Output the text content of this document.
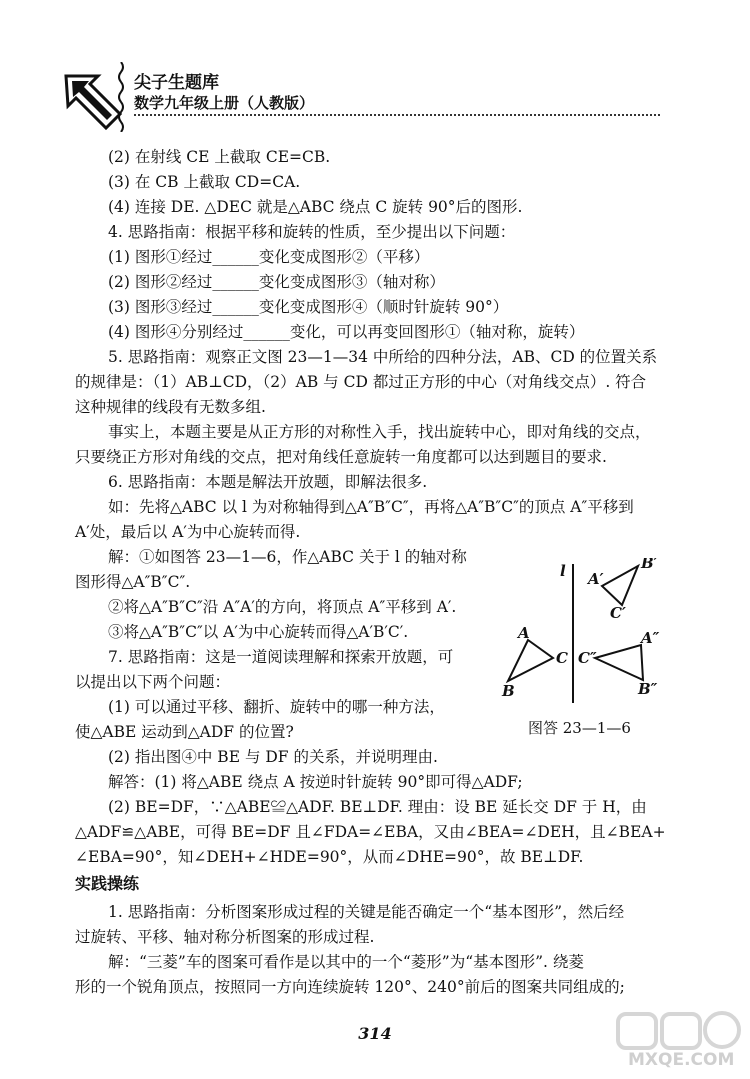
尖子生题库
数学九年级上册（人教版）
(2) 在射线 CE 上截取 CE=CB.
(3) 在 CB 上截取 CD=CA.
(4) 连接 DE. △DEC 就是△ABC 绕点 C 旋转 90°后的图形.
4. 思路指南：根据平移和旋转的性质，至少提出以下问题：
(1) 图形①经过______变化变成图形②（平移）
(2) 图形②经过______变化变成图形③（轴对称）
(3) 图形③经过______变化变成图形④（顺时针旋转 90°）
(4) 图形④分别经过______变化，可以再变回图形①（轴对称，旋转）
5. 思路指南：观察正文图 23—1—34 中所给的四种分法，AB、CD 的位置关系
的规律是：（1）AB⊥CD，（2）AB 与 CD 都过正方形的中心（对角线交点）. 符合
这种规律的线段有无数多组.
事实上，本题主要是从正方形的对称性入手，找出旋转中心，即对角线的交点，
只要绕正方形对角线的交点，把对角线任意旋转一角度都可以达到题目的要求.
6. 思路指南：本题是解法开放题，即解法很多.
如：先将△ABC 以 l 为对称轴得到△A″B″C″，再将△A″B″C″的顶点 A″平移到
A′处，最后以 A′为中心旋转而得.
解：①如图答 23—1—6，作△ABC 关于 l 的轴对称
图形得△A″B″C″.
②将△A″B″C″沿 A″A′的方向，将顶点 A″平移到 A′.
③将△A″B″C″以 A′为中心旋转而得△A′B′C′.
7. 思路指南：这是一道阅读理解和探索开放题，可
以提出以下两个问题：
(1) 可以通过平移、翻折、旋转中的哪一种方法，
使△ABE 运动到△ADF 的位置?
(2) 指出图④中 BE 与 DF 的关系，并说明理由.
解答：(1) 将△ABE 绕点 A 按逆时针旋转 90°即可得△ADF;
(2) BE=DF，∵△ABE≌△ADF. BE⊥DF. 理由：设 BE 延长交 DF 于 H，由
△ADF≌△ABE，可得 BE=DF 且∠FDA=∠EBA，又由∠BEA=∠DEH，且∠BEA+
∠EBA=90°，知∠DEH+∠HDE=90°，从而∠DHE=90°，故 BE⊥DF.
实践操练
1. 思路指南：分析图案形成过程的关键是能否确定一个“基本图形”，然后经
过旋转、平移、轴对称分析图案的形成过程.
解：“三菱”车的图案可看作是以其中的一个“菱形”为“基本图形”. 绕菱
形的一个锐角顶点，按照同一方向连续旋转 120°、240°前后的图案共同组成的;
l A′
B′
C′
A
C
B
C″
A″
B″
图答 23—1—6
314
MXQE.COM
